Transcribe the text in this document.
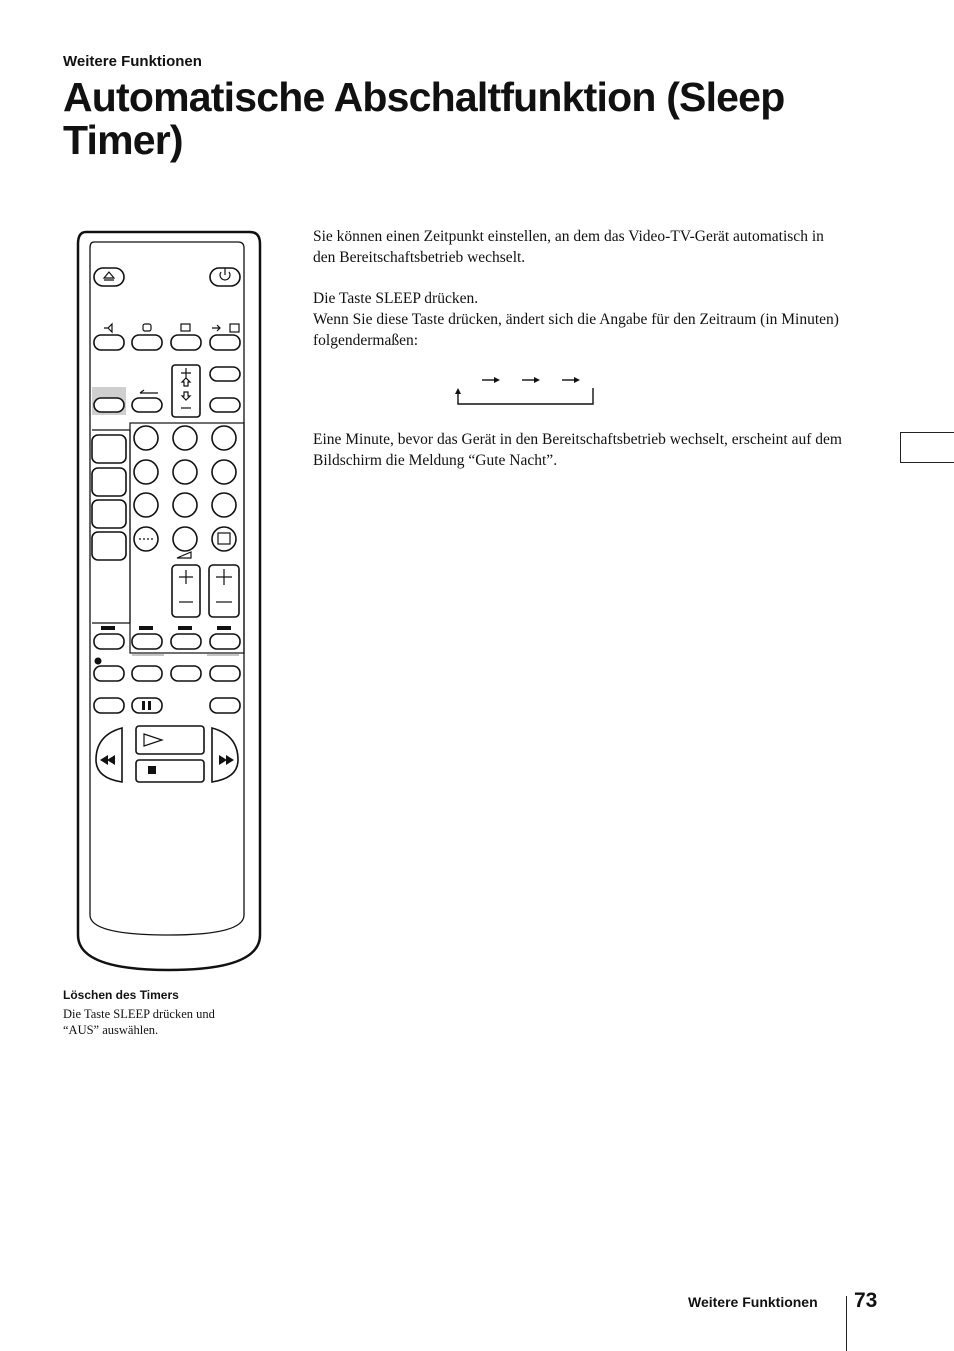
Weitere Funktionen
Automatische Abschaltfunktion (Sleep Timer)

Sie können einen Zeitpunkt einstellen, an dem das Video-TV-Gerät automatisch in den Bereitschaftsbetrieb wechselt.

Die Taste SLEEP drücken.
Wenn Sie diese Taste drücken, ändert sich die Angabe für den Zeitraum (in Minuten) folgendermaßen:

Eine Minute, bevor das Gerät in den Bereitschaftsbetrieb wechselt, erscheint auf dem Bildschirm die Meldung “Gute Nacht”.

Löschen des Timers

Die Taste SLEEP drücken und “AUS” auswählen.

Weitere Funktionen 73
